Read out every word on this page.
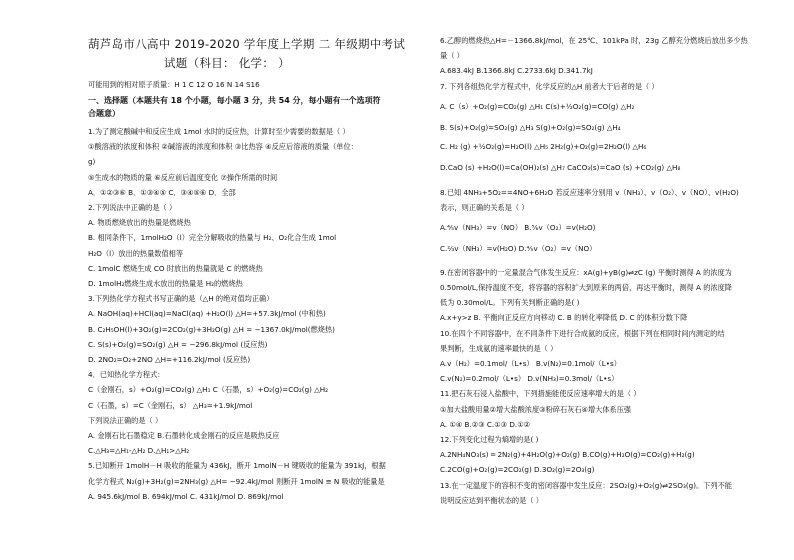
葫芦岛市八高中 2019-2020 学年度上学期 二 年级期中考试
试题（科目： 化学： ）
可能用到的相对原子质量：H 1 C 12 O 16 N 14 S16
一、选择题（本题共有 18 个小题，每小题 3 分，共 54 分，每小题有一个选项符
合题意）
1.为了测定酸碱中和反应生成 1mol 水时的反应热，计算时至少需要的数据是（ ）
①酸溶液的浓度和体积 ②碱溶液的浓度和体积 ③比热容 ④反应后溶液的质量（单位：
g)
⑤生成水的物质的量 ⑥反应前后温度变化 ⑦操作所需的时间
A．①②③⑥ B．①③④⑤ C．③④⑤⑥ D．全部
2.下列说法中正确的是（ ）
A. 物质燃烧放出的热量是燃烧热
B. 相同条件下，1molH₂O（l）完全分解吸收的热量与 H₂、O₂化合生成 1mol
H₂O（l）放出的热量数值相等
C. 1molC 燃烧生成 CO 时放出的热量就是 C 的燃烧热
D. 1molH₂燃烧生成水放出的热量是 H₂的燃烧热
3.下列热化学方程式书写正确的是（△H 的绝对值均正确）
A. NaOH(aq)+HCl(aq)=NaCl(aq) +H₂O(l) △H=+57.3kJ/mol (中和热)
B. C₂H₅OH(l)+3O₂(g)=2CO₂(g)+3H₂O(g) △H = −1367.0kJ/mol(燃烧热)
C. S(s)+O₂(g)=SO₂(g) △H = −296.8kJ/mol (反应热)
D. 2NO₂=O₂+2NO △H=+116.2kJ/mol (反应热)
4．已知热化学方程式：
C（金刚石，s）+O₂(g)=CO₂(g) △H₁ C（石墨，s）+O₂(g)=CO₂(g) △H₂
C（石墨，s）=C（金刚石，s） △H₃=+1.9kJ/mol
下列说法正确的是（ ）
A. 金刚石比石墨稳定 B.石墨转化成金刚石的反应是吸热反应
C.△H₃=△H₁-△H₂ D.△H₁>△H₂
5.已知断开 1molH－H 吸收的能量为 436kJ，断开 1molN－H 键吸收的能量为 391kJ，根据
化学方程式 N₂(g)+3H₂(g)=2NH₃(g) △H= −92.4kJ/mol 则断开 1molN ≡ N 吸收的能量是
A. 945.6kJ/mol B. 694kJ/mol C. 431kJ/mol D. 869kJ/mol
6.乙醇的燃烧热△H=－1366.8kJ/mol，在 25℃、101kPa 时，23g 乙醇充分燃烧后放出多少热
量（ ）
A.683.4kJ B.1366.8kJ C.2733.6kJ D.341.7kJ
7. 下列各组热化学方程式中，化学反应的△H 前者大于后者的是（ ）
A. C（s）+O₂(g)=CO₂(g) △H₁ C(s)+½O₂(g)=CO(g) △H₂
B. S(s)+O₂(g)=SO₂(g) △H₃ S(g)+O₂(g)=SO₂(g) △H₄
C. H₂ (g) +½O₂(g)=H₂O(l) △H₅ 2H₂(g)+O₂(g)=2H₂O(l) △H₆
D.CaO (s) +H₂O(l)=Ca(OH)₂(s) △H₇ CaCO₃(s)=CaO (s) +CO₂(g) △H₈
8.已知 4NH₃+5O₂==4NO+6H₂O 若反应速率分别用 v（NH₃）、v（O₂）、v（NO）、v(H₂O)
表示，则正确的关系是（ ）
A.⅘v（NH₃）=v（NO） B.⅚v（O₂）=v(H₂O)
C.⅔v（NH₃）=v(H₂O) D.⅘v（O₂）=v（NO）
9.在密闭容器中的一定量混合气体发生反应：xA(g)+yB(g)⇌zC (g) 平衡时测得 A 的浓度为
0.50mol/L,保持温度不变，将容器的容积扩大到原来的两倍，再达平衡时，测得 A 的浓度降
低为 0.30mol/L。下列有关判断正确的是( )
A.x+y>z B. 平衡向正反应方向移动 C. B 的转化率降低 D. C 的体积分数下降
10.在四个不同容器中，在不同条件下进行合成氨的反应，根据下列在相同时间内测定的结
果判断，生成氨的速率最快的是（ ）
A.v（H₂）=0.1mol/（L•s） B.v(N₂)=0.1mol/（L•s）
C.v(N₂)=0.2mol/（L•s） D.v(NH₃)=0.3mol/（L•s）
11.把石灰石浸入盐酸中，下列措施能使反应速率增大的是（ ）
①加大盐酸用量②增大盐酸浓度③粉碎石灰石④增大体系压强
A. ①④ B.②③ C.①③ D.①②
12.下列变化过程为熵增的是( )
A.2NH₄NO₃(s) ═ 2N₂(g)+4H₂O(g)+O₂(g) B.CO(g)+H₂O(g)=CO₂(g)+H₂(g)
C.2CO(g)+O₂(g)=2CO₂(g) D.3O₂(g)=2O₃(g)
13.在一定温度下的容积不变的密闭容器中发生反应：2SO₂(g)+O₂(g)⇌2SO₃(g)。下列不能
说明反应达到平衡状态的是（ ）
